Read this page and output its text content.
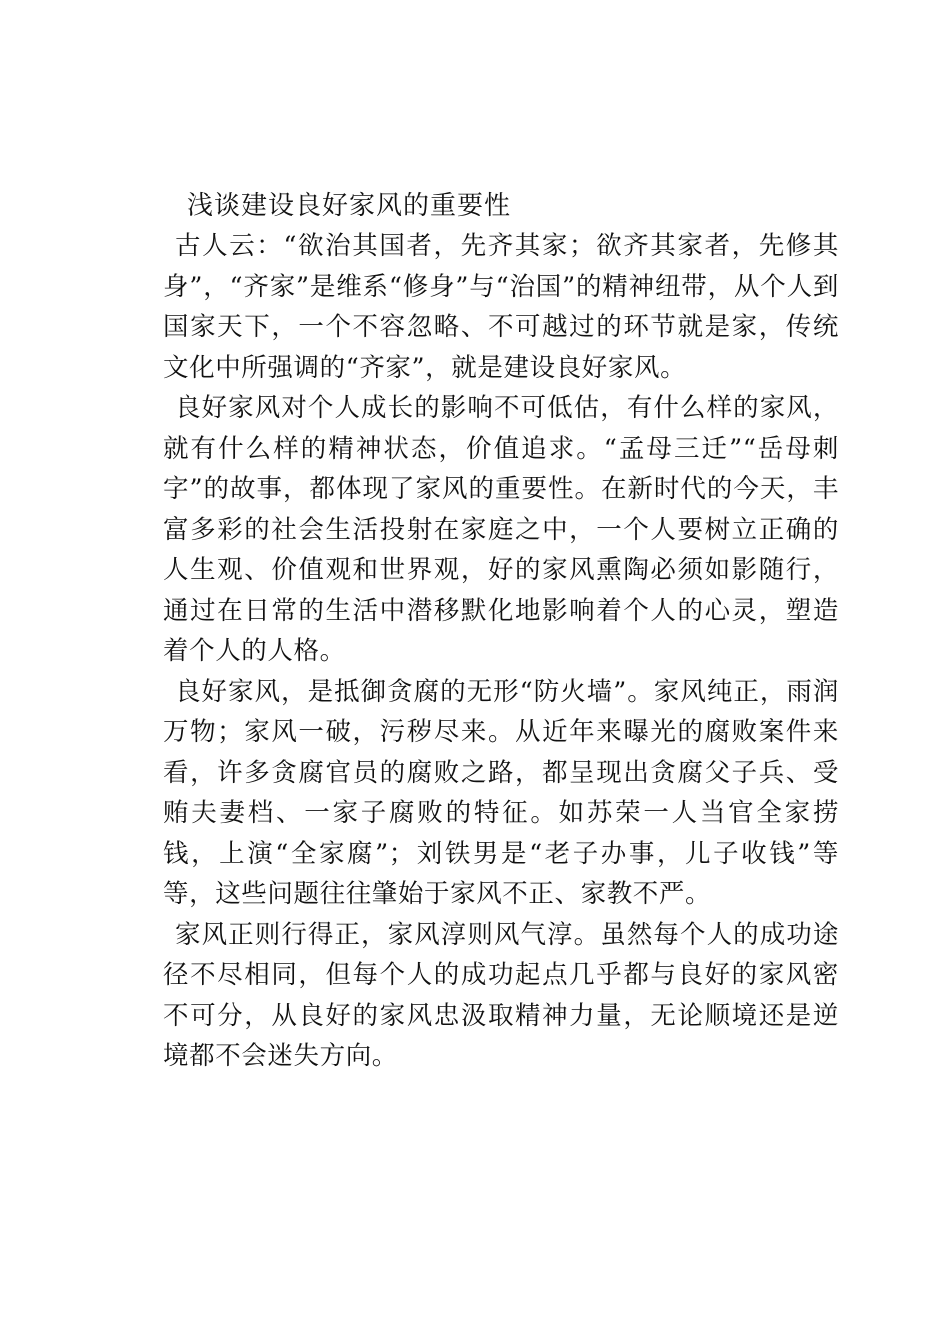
浅谈建设良好家风的重要性

古人云：“欲治其国者，先齐其家；欲齐其家者，先修其身”，“齐家”是维系“修身”与“治国”的精神纽带，从个人到国家天下，一个不容忽略、不可越过的环节就是家，传统文化中所强调的“齐家”，就是建设良好家风。

良好家风对个人成长的影响不可低估，有什么样的家风，就有什么样的精神状态，价值追求。“孟母三迁”“岳母刺字”的故事，都体现了家风的重要性。在新时代的今天，丰富多彩的社会生活投射在家庭之中，一个人要树立正确的人生观、价值观和世界观，好的家风熏陶必须如影随行，通过在日常的生活中潜移默化地影响着个人的心灵，塑造着个人的人格。

良好家风，是抵御贪腐的无形“防火墙”。家风纯正，雨润万物；家风一破，污秽尽来。从近年来曝光的腐败案件来看，许多贪腐官员的腐败之路，都呈现出贪腐父子兵、受贿夫妻档、一家子腐败的特征。如苏荣一人当官全家捞钱，上演“全家腐”；刘铁男是“老子办事，儿子收钱”等等，这些问题往往肇始于家风不正、家教不严。

家风正则行得正，家风淳则风气淳。虽然每个人的成功途径不尽相同，但每个人的成功起点几乎都与良好的家风密不可分，从良好的家风忠汲取精神力量，无论顺境还是逆境都不会迷失方向。
